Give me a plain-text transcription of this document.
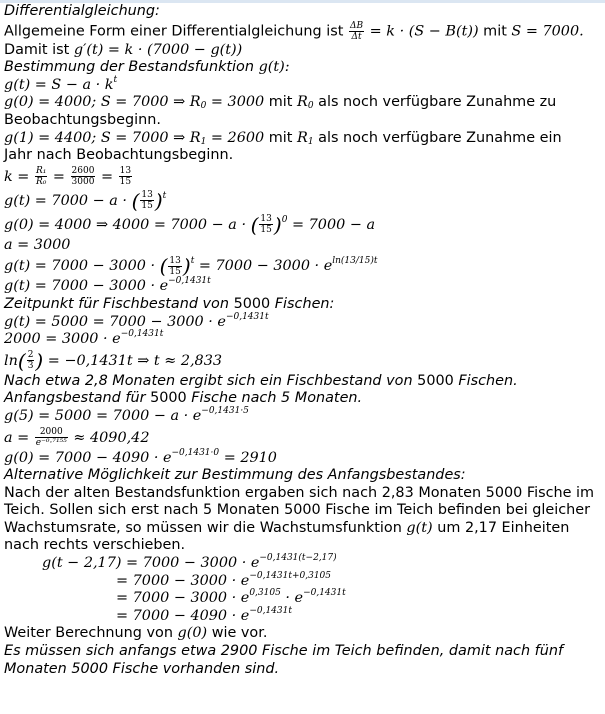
Differentialgleichung:
Allgemeine Form einer Differentialgleichung ist $\frac{\Delta B}{\Delta t} = k \cdot (S - B(t))$ mit S = 7000.
Damit ist g′(t) = k · (7000 − g(t))
Bestimmung der Bestandsfunktion g(t):
$g(t) = S - a \cdot k^t$
g(0) = 4000; S = 7000 ⇒ $R_0 = 3000$ mit $R_0$ als noch verfügbare Zunahme zu
Beobachtungsbeginn.
g(1) = 4400; S = 7000 ⇒ $R_1 = 2600$ mit $R_1$ als noch verfügbare Zunahme ein
Jahr nach Beobachtungsbeginn.
$k = \frac{\text{R₁}}{\text{R₀}} = \frac{2600}{3000} = \frac{13}{15}$
g(t) = 7000 − a · ( $\frac{13}{15} )^t$
g(0) = 4000 ⇒ 4000 = 7000 − a · ( $\frac{13}{15} )^0 = 7000 - a$
a = 3000
g(t) = 7000 − 3000 · ( $\frac{13}{15} )^t = 7000 - 3000 \cdot e^{ln(13/15)t}$
$g(t) = 7000 - 3000 \cdot e^{-0,1431t}$
Zeitpunkt für Fischbestand von 5000 Fischen:
$g(t) = 5000 = 7000 - 3000 \cdot e^{-0,1431t}$
$2000 = 3000 \cdot e^{-0,1431t}$
$\ln( \frac{2}{3}$ ) = −0,1431t ⇒ t ≈ 2,833
Nach etwa 2,8 Monaten ergibt sich ein Fischbestand von 5000 Fischen.
Anfangsbestand für 5000 Fische nach 5 Monaten.
$g(5) = 5000 = 7000 - a \cdot e^{-0,1431\cdot 5}$
$a = \frac{2000}{\text{e⁻⁰·⁷¹⁵⁵}} \approx 4090,42$
$g(0) = 7000 - 4090 \cdot e^{-0,1431\cdot 0} = 2910$
Alternative Möglichkeit zur Bestimmung des Anfangsbestandes:
Nach der alten Bestandsfunktion ergaben sich nach 2,83 Monaten 5000 Fische im
Teich. Sollen sich erst nach 5 Monaten 5000 Fische im Teich befinden bei gleicher
Wachstumsrate, so müssen wir die Wachstumsfunktion g(t) um 2,17 Einheiten
nach rechts verschieben.
$g(t - 2,17) = 7000 - 3000 \cdot e^{-0,1431(t-2,17)}$
= $7000 - 3000 \cdot e^{-0,1431t+0,3105}$
= $7000 - 3000 \cdot e^{0,3105} \cdot e^{-0,1431t}$
= $7000 - 4090 \cdot e^{-0,1431t}$
Weiter Berechnung von g(0) wie vor.
Es müssen sich anfangs etwa 2900 Fische im Teich befinden, damit nach fünf
Monaten 5000 Fische vorhanden sind.
